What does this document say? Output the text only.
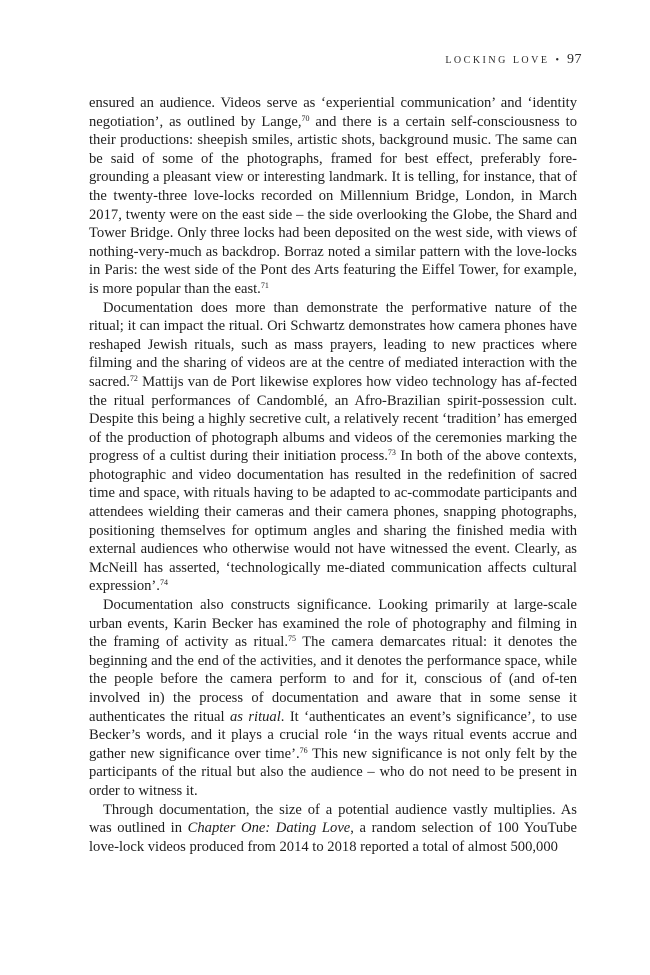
LOCKING LOVE • 97

ensured an audience. Videos serve as ‘experiential communication’ and ‘identity negotiation’, as outlined by Lange,$^{70}$ and there is a certain self-consciousness to their productions: sheepish smiles, artistic shots, background music. The same can be said of some of the photographs, framed for best effect, preferably fore-grounding a pleasant view or interesting landmark. It is telling, for instance, that of the twenty-three love-locks recorded on Millennium Bridge, London, in March 2017, twenty were on the east side – the side overlooking the Globe, the Shard and Tower Bridge. Only three locks had been deposited on the west side, with views of nothing-very-much as backdrop. Borraz noted a similar pattern with the love-locks in Paris: the west side of the Pont des Arts featuring the Eiffel Tower, for example, is more popular than the east.$^{71}$

Documentation does more than demonstrate the performative nature of the ritual; it can impact the ritual. Ori Schwartz demonstrates how camera phones have reshaped Jewish rituals, such as mass prayers, leading to new practices where filming and the sharing of videos are at the centre of mediated interaction with the sacred.$^{72}$ Mattijs van de Port likewise explores how video technology has af-fected the ritual performances of Candomblé, an Afro-Brazilian spirit-possession cult. Despite this being a highly secretive cult, a relatively recent ‘tradition’ has emerged of the production of photograph albums and videos of the ceremonies marking the progress of a cultist during their initiation process.$^{73}$ In both of the above contexts, photographic and video documentation has resulted in the redefinition of sacred time and space, with rituals having to be adapted to ac-commodate participants and attendees wielding their cameras and their camera phones, snapping photographs, positioning themselves for optimum angles and sharing the finished media with external audiences who otherwise would not have witnessed the event. Clearly, as McNeill has asserted, ‘technologically me-diated communication affects cultural expression’.$^{74}$

Documentation also constructs significance. Looking primarily at large-scale urban events, Karin Becker has examined the role of photography and filming in the framing of activity as ritual.$^{75}$ The camera demarcates ritual: it denotes the beginning and the end of the activities, and it denotes the performance space, while the people before the camera perform to and for it, conscious of (and of-ten involved in) the process of documentation and aware that in some sense it authenticates the ritual as ritual. It ‘authenticates an event’s significance’, to use Becker’s words, and it plays a crucial role ‘in the ways ritual events accrue and gather new significance over time’.$^{76}$ This new significance is not only felt by the participants of the ritual but also the audience – who do not need to be present in order to witness it.

Through documentation, the size of a potential audience vastly multiplies. As was outlined in Chapter One: Dating Love, a random selection of 100 YouTube love-lock videos produced from 2014 to 2018 reported a total of almost 500,000
